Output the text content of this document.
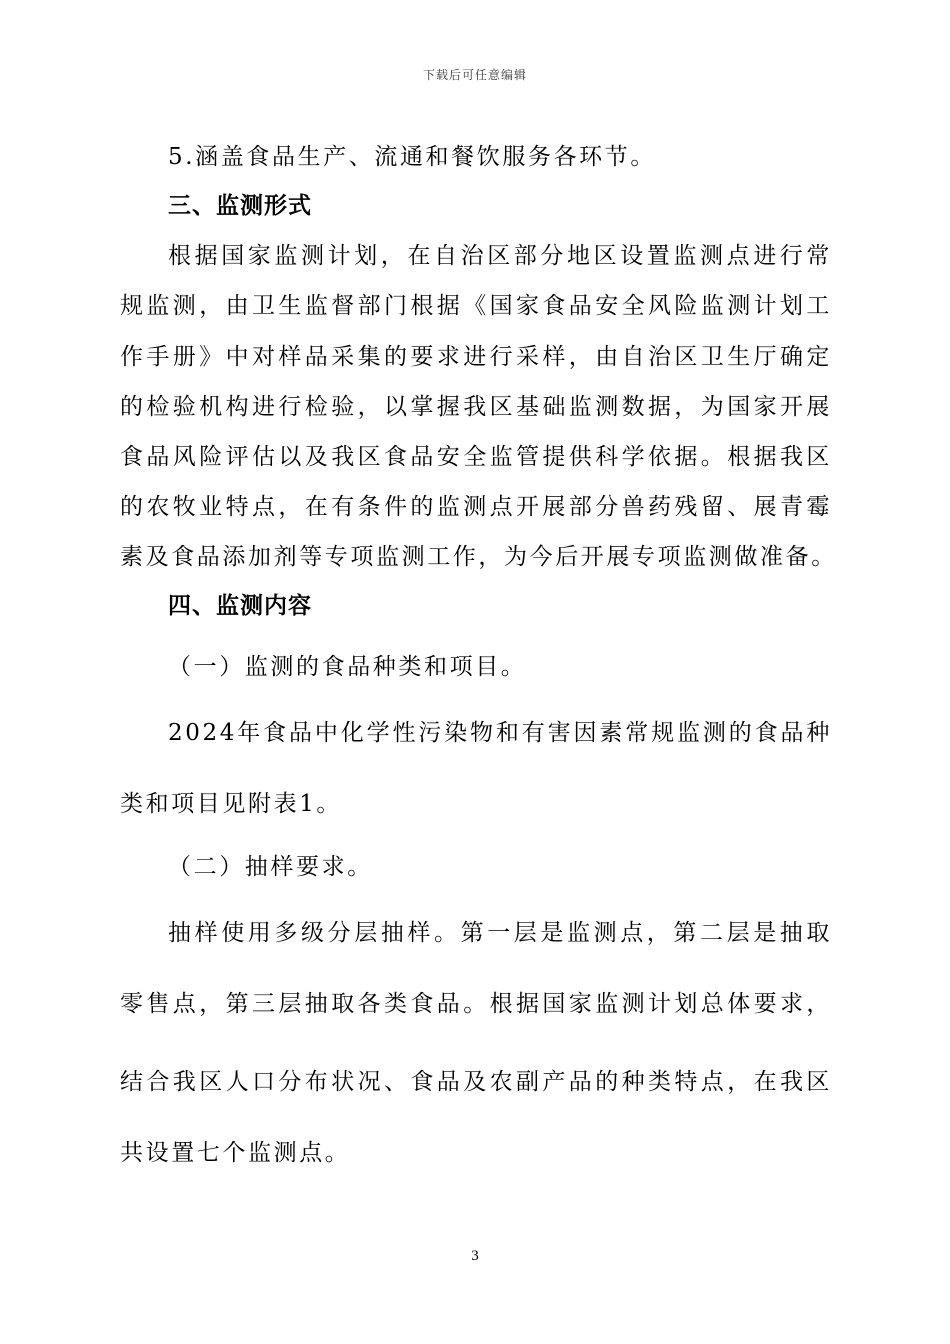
下载后可任意编辑
5.涵盖食品生产、流通和餐饮服务各环节。
三、监测形式
根据国家监测计划，在自治区部分地区设置监测点进行常
规监测，由卫生监督部门根据《国家食品安全风险监测计划工
作手册》中对样品采集的要求进行采样，由自治区卫生厅确定
的检验机构进行检验，以掌握我区基础监测数据，为国家开展
食品风险评估以及我区食品安全监管提供科学依据。根据我区
的农牧业特点，在有条件的监测点开展部分兽药残留、展青霉
素及食品添加剂等专项监测工作，为今后开展专项监测做准备。
四、监测内容
（一）监测的食品种类和项目。
2024年食品中化学性污染物和有害因素常规监测的食品种
类和项目见附表1。
（二）抽样要求。
抽样使用多级分层抽样。第一层是监测点，第二层是抽取
零售点，第三层抽取各类食品。根据国家监测计划总体要求，
结合我区人口分布状况、食品及农副产品的种类特点，在我区
共设置七个监测点。
3
